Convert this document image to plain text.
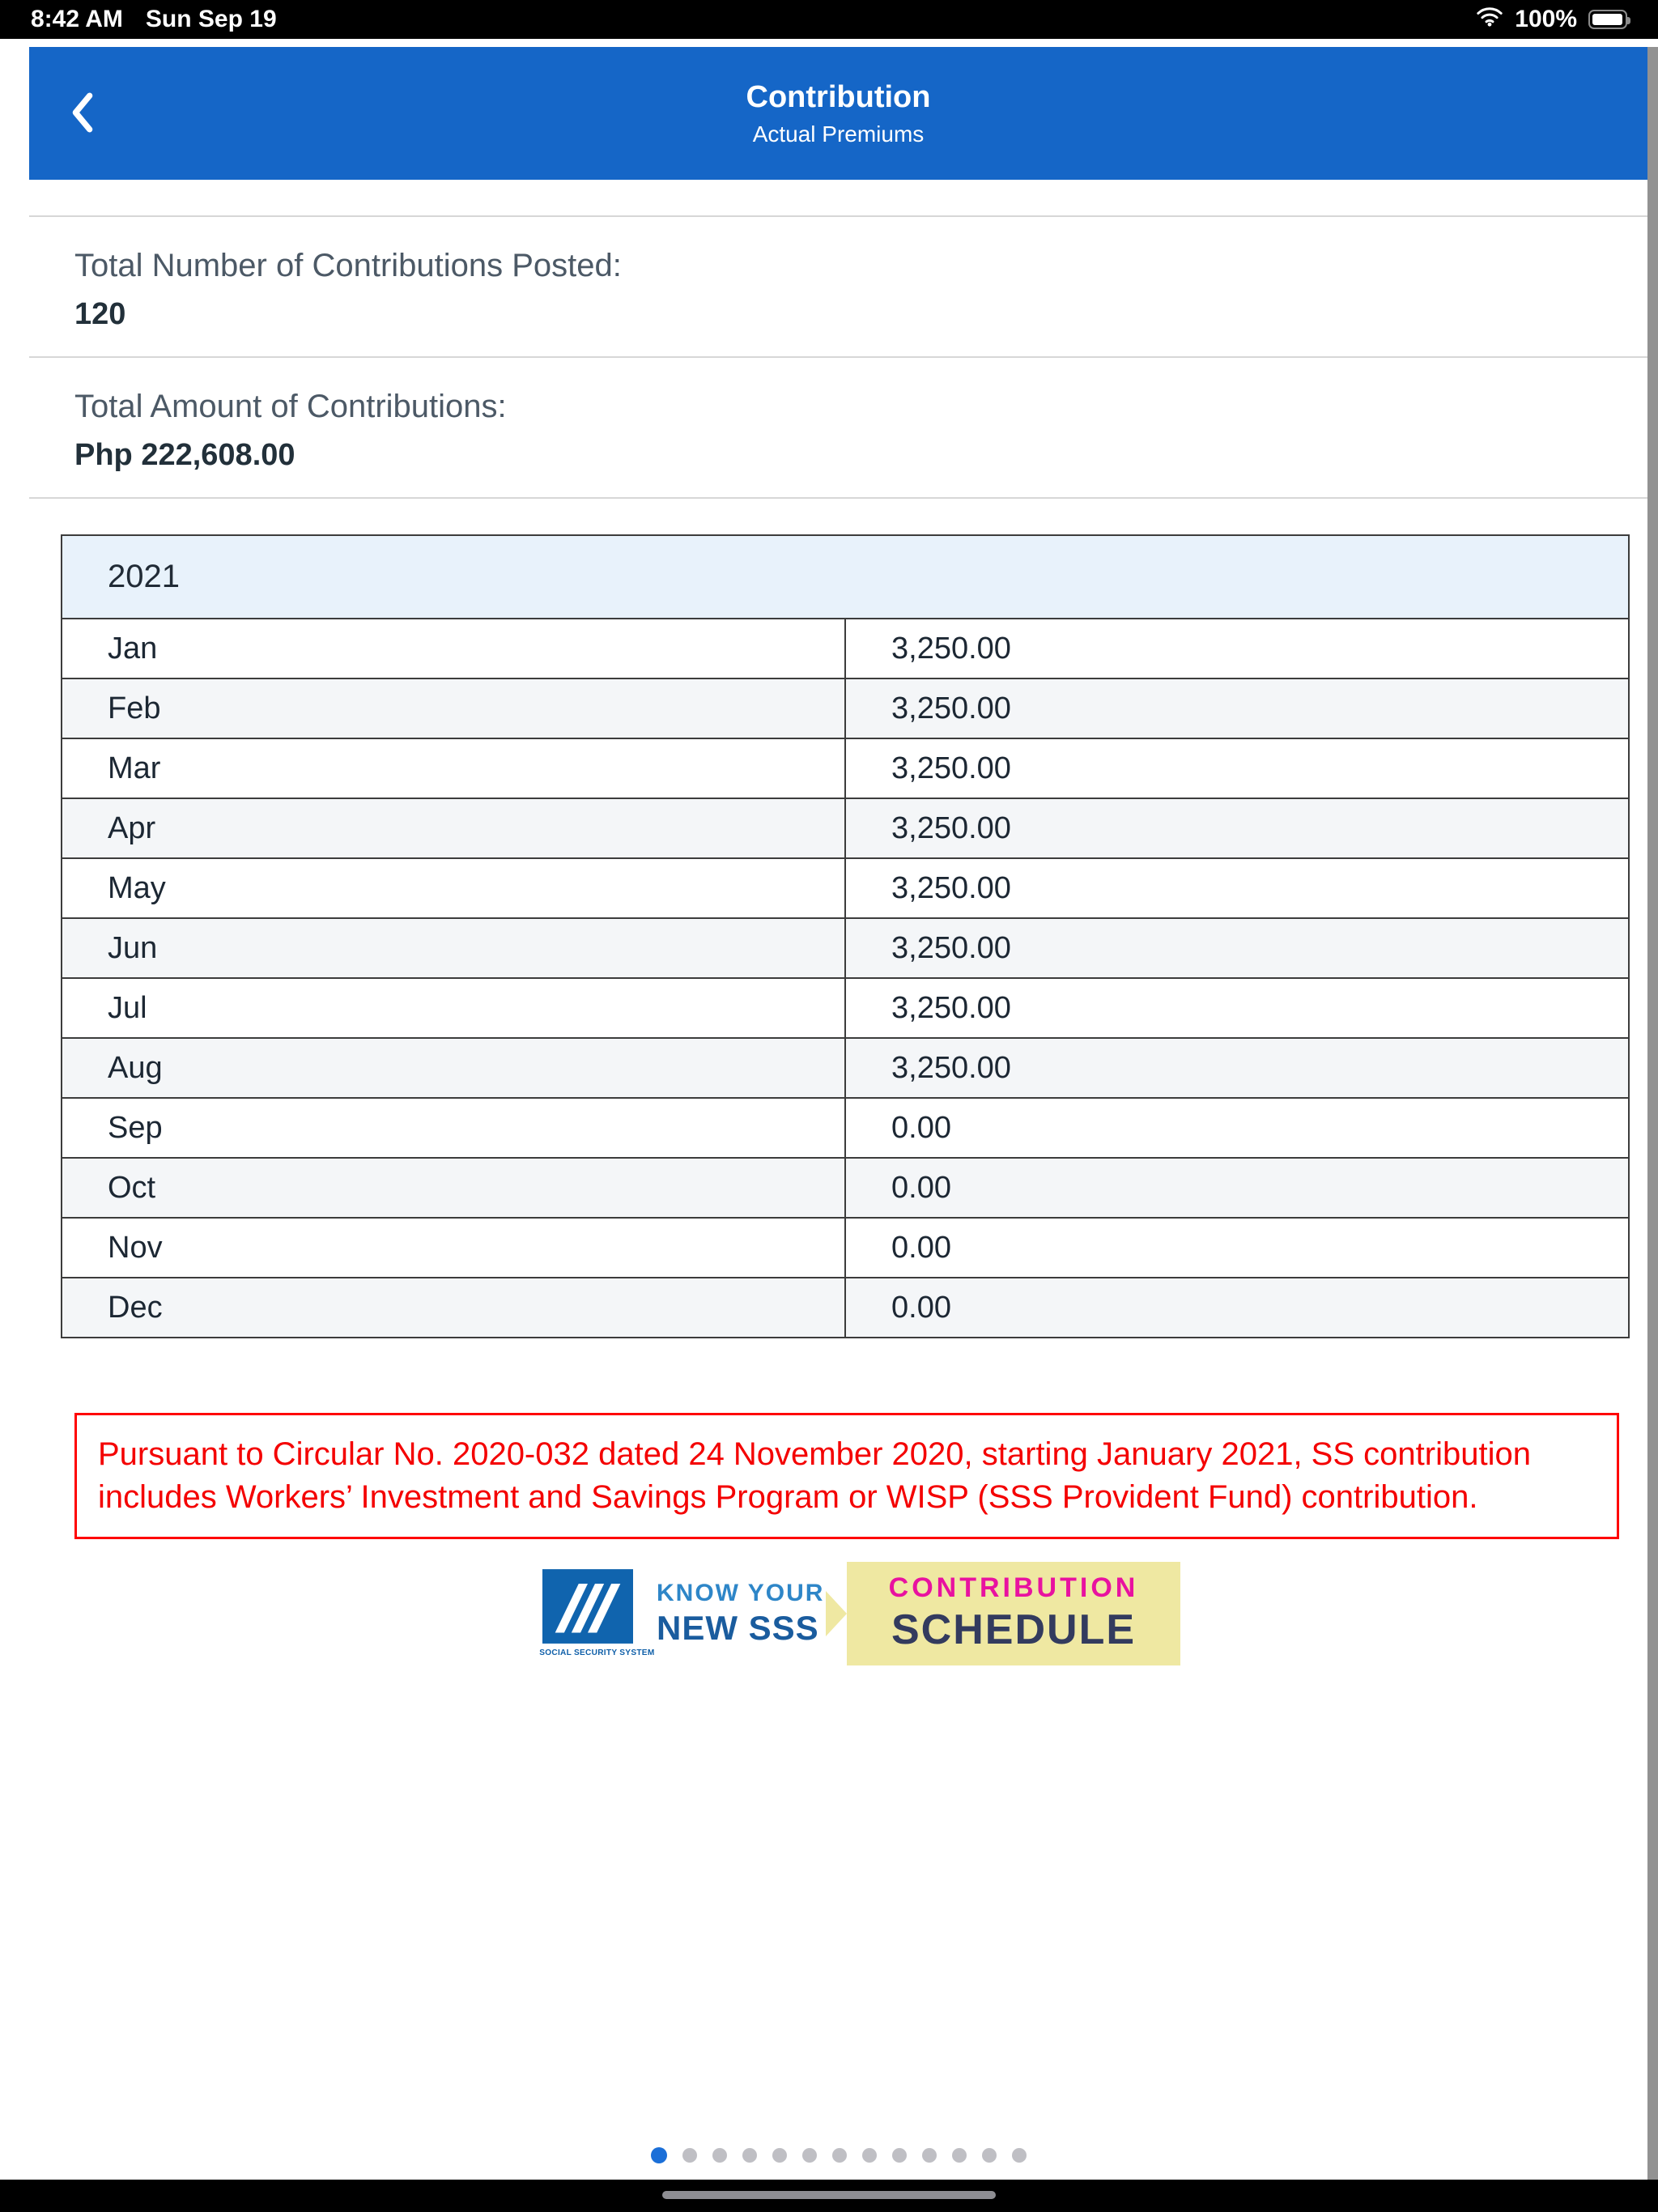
8:42 AM Sun Sep 19	100%
Contribution
Actual Premiums
Total Number of Contributions Posted:
120
Total Amount of Contributions:
Php 222,608.00
2021	
Jan	3,250.00
Feb	3,250.00
Mar	3,250.00
Apr	3,250.00
May	3,250.00
Jun	3,250.00
Jul	3,250.00
Aug	3,250.00
Sep	0.00
Oct	0.00
Nov	0.00
Dec	0.00
Pursuant to Circular No. 2020-032 dated 24 November 2020, starting January 2021, SS contribution includes Workers’ Investment and Savings Program or WISP (SSS Provident Fund) contribution.
SOCIAL SECURITY SYSTEM
KNOW YOUR
NEW SSS
CONTRIBUTION
SCHEDULE
